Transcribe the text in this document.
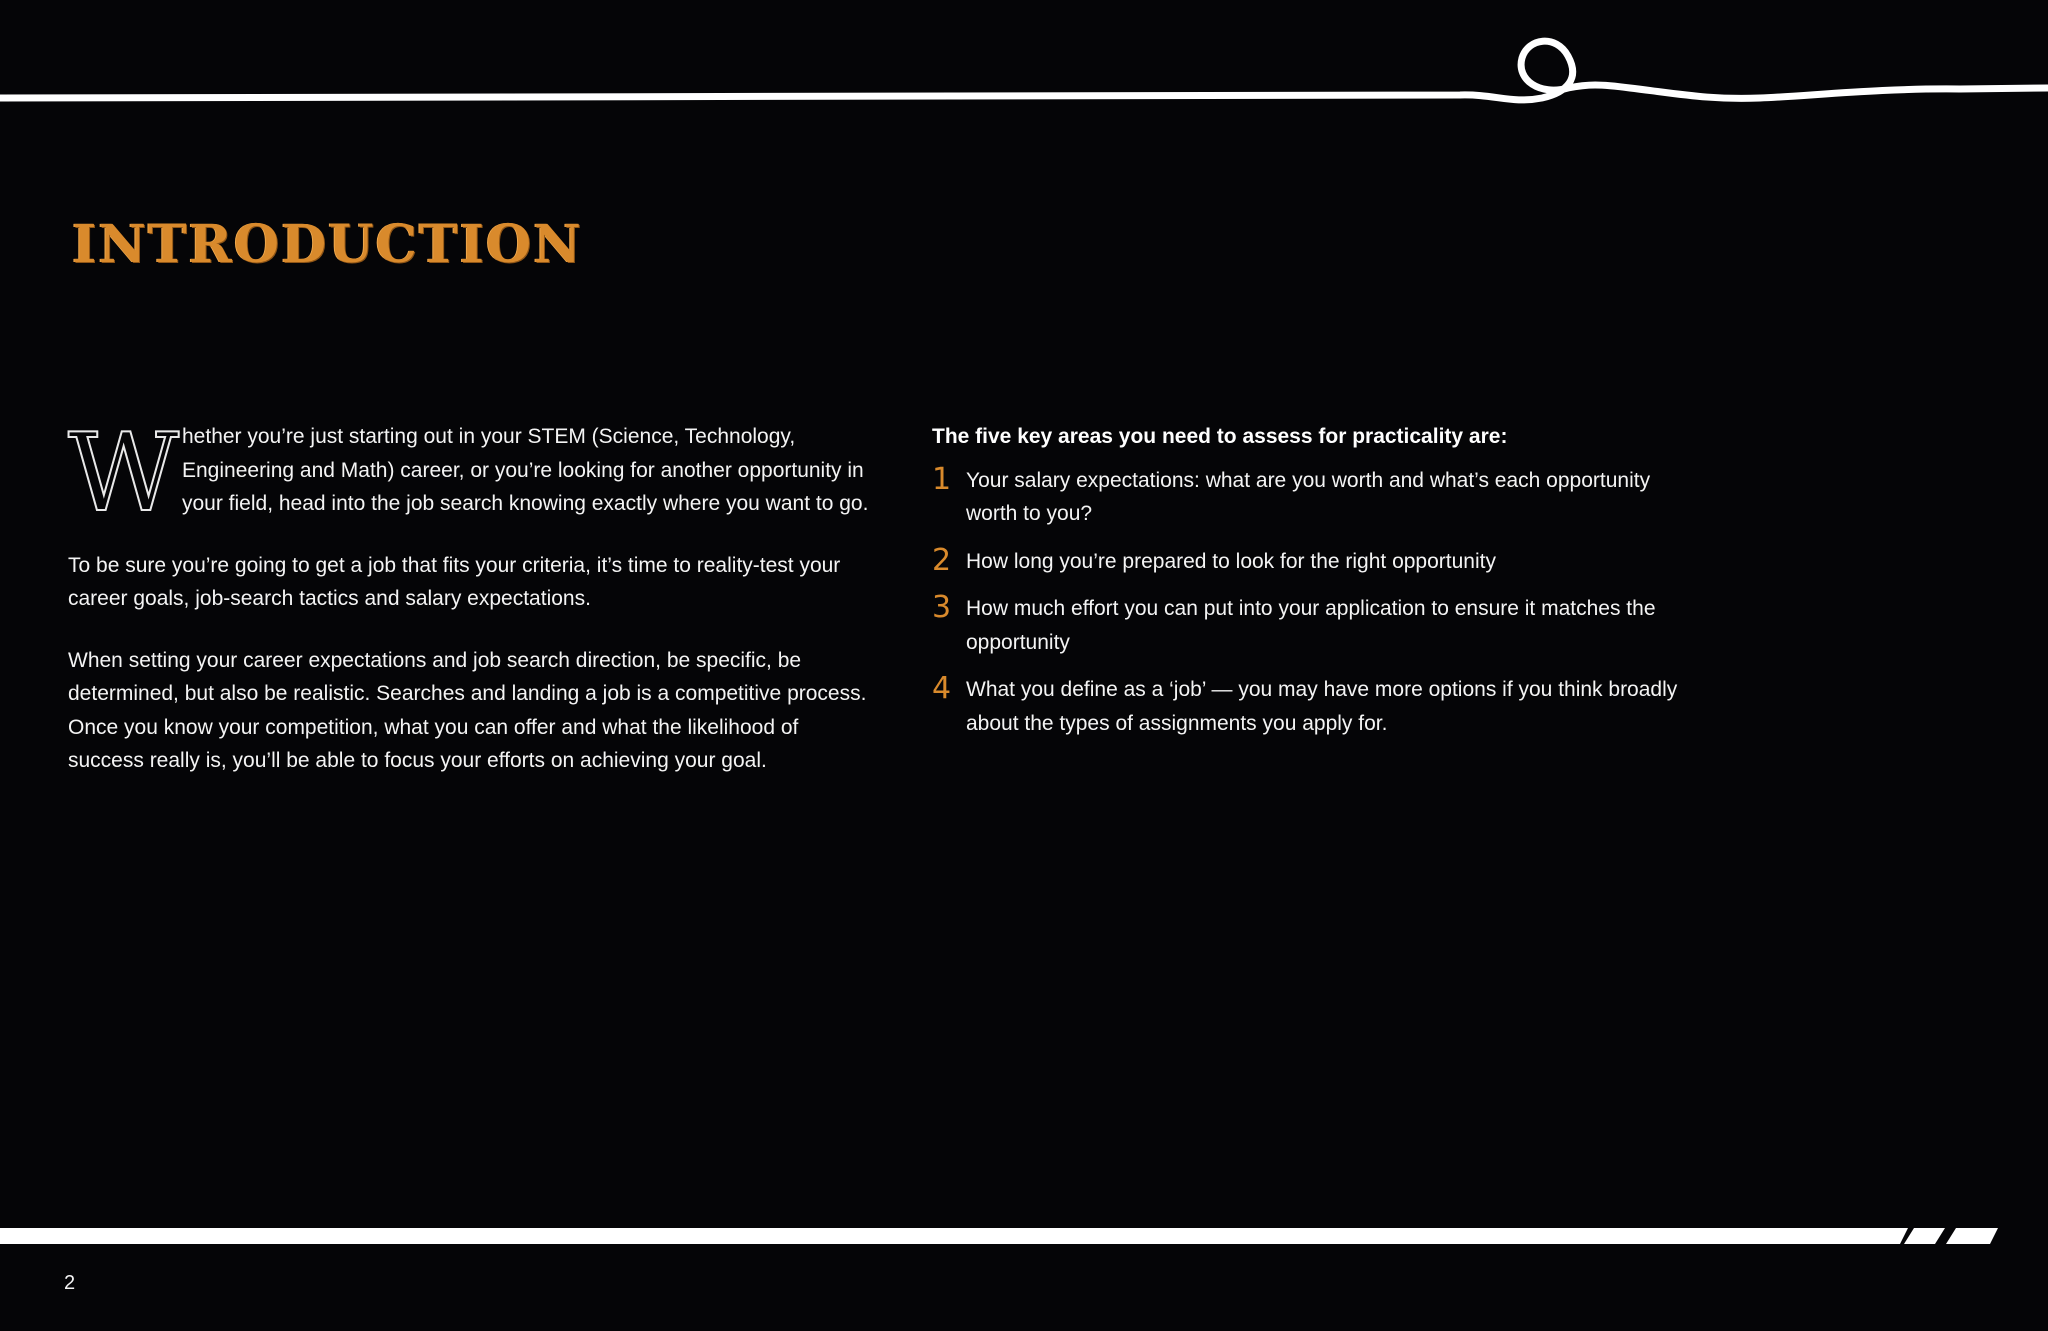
INTRODUCTION

W hether you’re just starting out in your STEM (Science, Technology, Engineering and Math) career, or you’re looking for another opportunity in your field, head into the job search knowing exactly where you want to go.

To be sure you’re going to get a job that fits your criteria, it’s time to reality-test your career goals, job-search tactics and salary expectations.

When setting your career expectations and job search direction, be specific, be determined, but also be realistic. Searches and landing a job is a competitive process. Once you know your competition, what you can offer and what the likelihood of success really is, you’ll be able to focus your efforts on achieving your goal.

The five key areas you need to assess for practicality are:

1 Your salary expectations: what are you worth and what’s each opportunity worth to you?
2 How long you’re prepared to look for the right opportunity
3 How much effort you can put into your application to ensure it matches the opportunity
4 What you define as a ‘job’ — you may have more options if you think broadly about the types of assignments you apply for.
2
